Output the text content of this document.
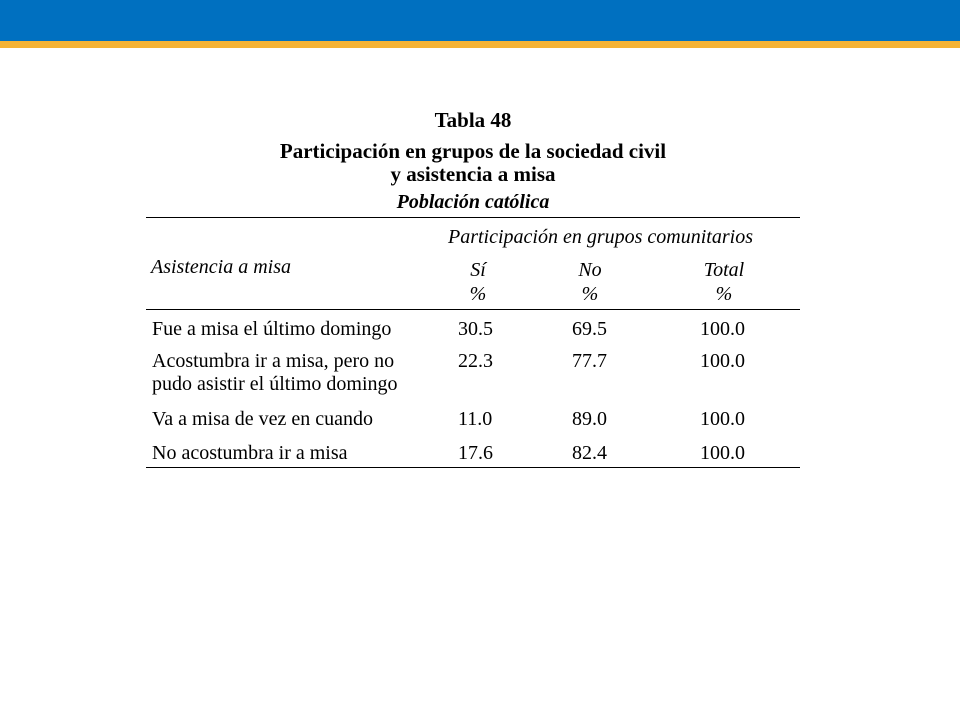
Tabla 48
Participación en grupos de la sociedad civil
y asistencia a misa
Población católica
Participación en grupos comunitarios
Asistencia a misa	Sí	No	Total
%	%	%
Fue a misa el último domingo	30.5	69.5	100.0
Acostumbra ir a misa, pero no
pudo asistir el último domingo
22.3	77.7	100.0
Va a misa de vez en cuando	11.0	89.0	100.0
No acostumbra ir a misa	17.6	82.4	100.0
